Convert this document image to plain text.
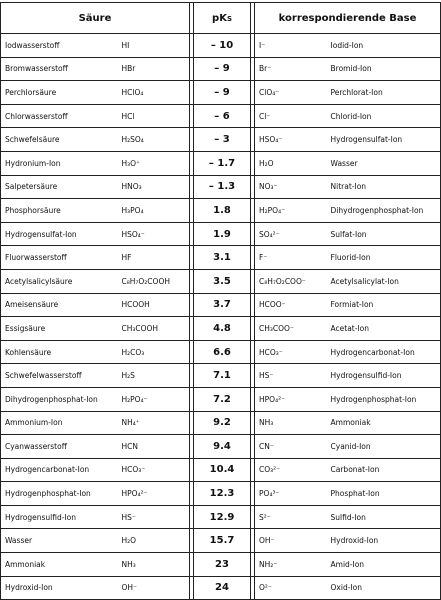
Säure			pKS		korrespondierende Base	
Iodwasserstoff	HI		– 10		I⁻	Iodid-Ion
Bromwasserstoff	HBr		– 9		Br⁻	Bromid-Ion
Perchlorsäure	HClO₄		– 9		ClO₄⁻	Perchlorat-Ion
Chlorwasserstoff	HCl		– 6		Cl⁻	Chlorid-Ion
Schwefelsäure	H₂SO₄		– 3		HSO₄⁻	Hydrogensulfat-Ion
Hydronium-Ion	H₃O⁺		– 1.7		H₂O	Wasser
Salpetersäure	HNO₃		– 1.3		NO₃⁻	Nitrat-Ion
Phosphorsäure	H₃PO₄		1.8		H₂PO₄⁻	Dihydrogenphosphat-Ion
Hydrogensulfat-Ion	HSO₄⁻		1.9		SO₄²⁻	Sulfat-Ion
Fluorwasserstoff	HF		3.1		F⁻	Fluorid-Ion
Acetylsalicylsäure	C₈H₇O₂COOH		3.5		C₈H₇O₂COO⁻	Acetylsalicylat-Ion
Ameisensäure	HCOOH		3.7		HCOO⁻	Formiat-Ion
Essigsäure	CH₃COOH		4.8		CH₃COO⁻	Acetat-Ion
Kohlensäure	H₂CO₃		6.6		HCO₃⁻	Hydrogencarbonat-Ion
Schwefelwasserstoff	H₂S		7.1		HS⁻	Hydrogensulfid-Ion
Dihydrogenphosphat-Ion	H₂PO₄⁻		7.2		HPO₄²⁻	Hydrogenphosphat-Ion
Ammonium-Ion	NH₄⁺		9.2		NH₃	Ammoniak
Cyanwasserstoff	HCN		9.4		CN⁻	Cyanid-Ion
Hydrogencarbonat-Ion	HCO₃⁻		10.4		CO₃²⁻	Carbonat-Ion
Hydrogenphosphat-Ion	HPO₄²⁻		12.3		PO₄³⁻	Phosphat-Ion
Hydrogensulfid-Ion	HS⁻		12.9		S²⁻	Sulfid-Ion
Wasser	H₂O		15.7		OH⁻	Hydroxid-Ion
Ammoniak	NH₃		23		NH₂⁻	Amid-Ion
Hydroxid-Ion	OH⁻		24		O²⁻	Oxid-Ion
